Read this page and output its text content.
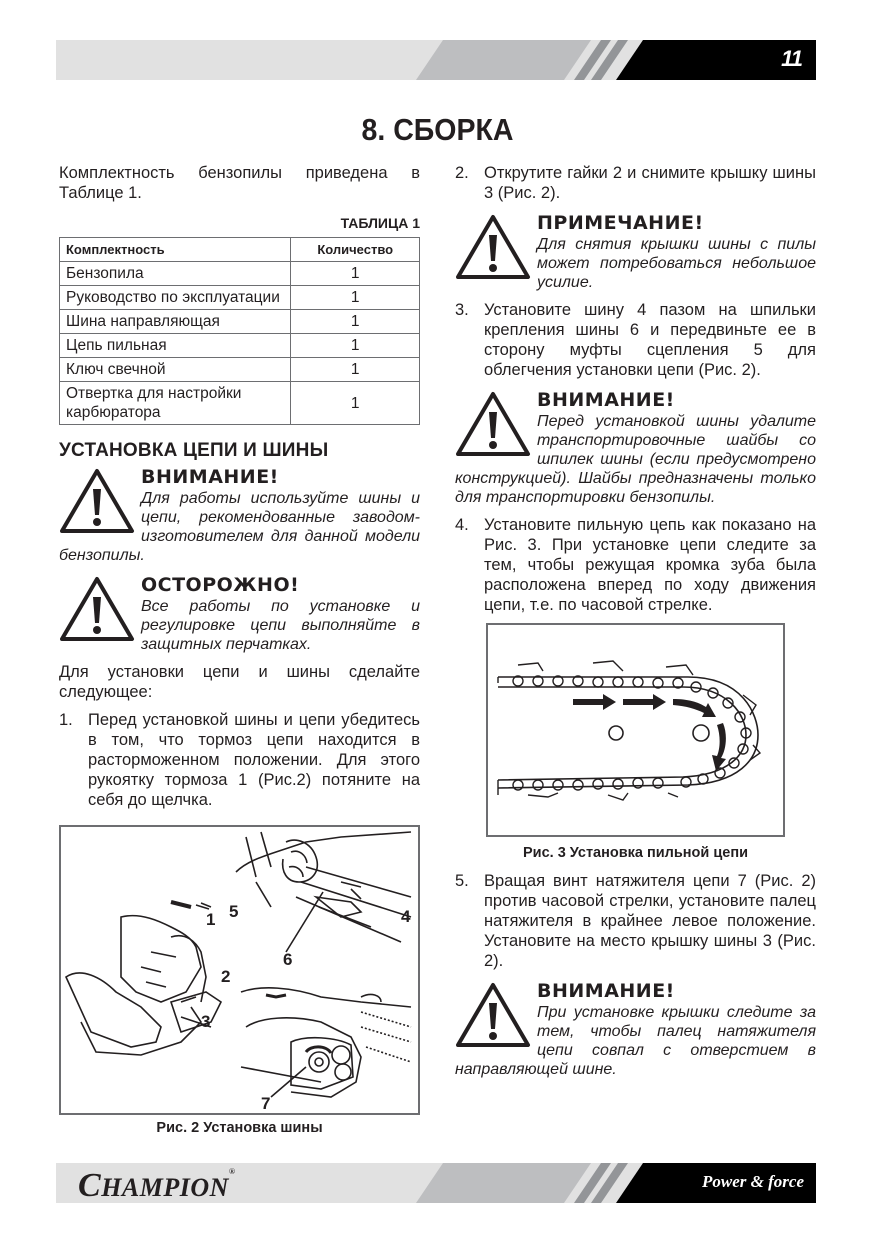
11
8. СБОРКА

Комплектность бензопилы приведена в Таблице 1.

ТАБЛИЦА 1
Комплектность	Количество
Бензопила	1
Руководство по эксплуатации	1
Шина направляющая	1
Цепь пильная	1
Ключ свечной	1
Отвертка для настройки карбюратора	1
УСТАНОВКА ЦЕПИ И ШИНЫ
ВНИМАНИЕ!
Для работы используйте шины и цепи, рекомендованные заводом-изготовителем для данной модели бензопилы.
ОСТОРОЖНО!
Все работы по установке и регулировке цепи выполняйте в защитных перчатках.

Для установки цепи и шины сделайте следующее:

1. Перед установкой шины и цепи убедитесь в том, что тормоз цепи находится в расторможенном положении. Для этого рукоятку тормоза 1 (Рис.2) потяните на себя до щелчка.
1
2
3
4
5
6
7
Рис. 2 Установка шины
2. Открутите гайки 2 и снимите крышку шины 3 (Рис. 2).
ПРИМЕЧАНИЕ!
Для снятия крышки шины с пилы может потребоваться небольшое усилие.
3. Установите шину 4 пазом на шпильки крепления шины 6 и передвиньте ее в сторону муфты сцепления 5 для облегчения установки цепи (Рис. 2).
ВНИМАНИЕ!
Перед установкой шины удалите транспортировочные шайбы со шпилек шины (если предусмотрено конструкцией). Шайбы предназначены только для транспортировки бензопилы.
4. Установите пильную цепь как показано на Рис. 3. При установке цепи следите за тем, чтобы режущая кромка зуба была расположена вперед по ходу движения цепи, т.е. по часовой стрелке.
Рис. 3 Установка пильной цепи
5. Вращая винт натяжителя цепи 7 (Рис. 2) против часовой стрелки, установите палец натяжителя в крайнее левое положение. Установите на место крышку шины 3 (Рис. 2).
ВНИМАНИЕ!
При установке крышки следите за тем, чтобы палец натяжителя цепи совпал с отверстием в направляющей шине.
CHAMPION®
Power & force
